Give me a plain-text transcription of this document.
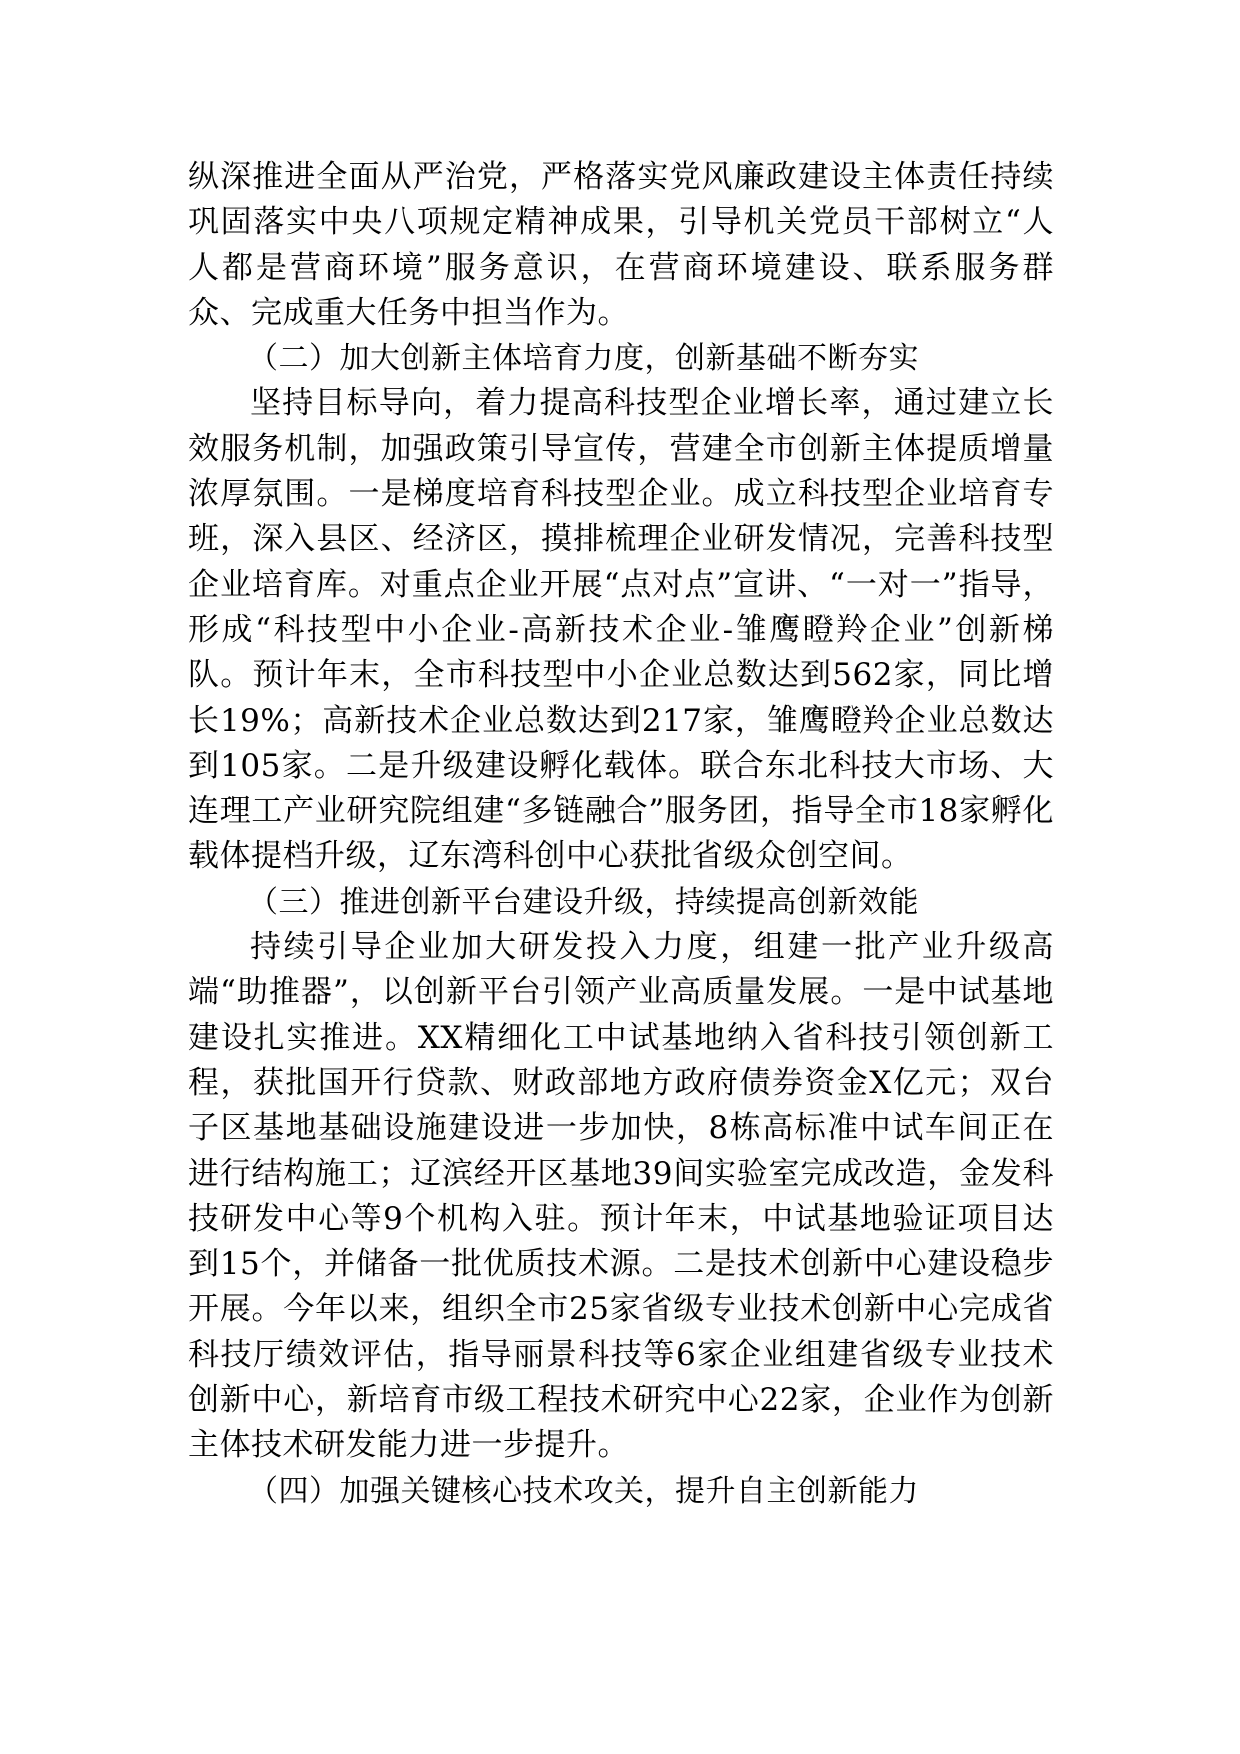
纵深推进全面从严治党，严格落实党风廉政建设主体责任持续巩固落实中央八项规定精神成果，引导机关党员干部树立“人人都是营商环境”服务意识，在营商环境建设、联系服务群众、完成重大任务中担当作为。

（二）加大创新主体培育力度，创新基础不断夯实

坚持目标导向，着力提高科技型企业增长率，通过建立长效服务机制，加强政策引导宣传，营建全市创新主体提质增量浓厚氛围。一是梯度培育科技型企业。成立科技型企业培育专班，深入县区、经济区，摸排梳理企业研发情况，完善科技型企业培育库。对重点企业开展“点对点”宣讲、“一对一”指导，形成“科技型中小企业-高新技术企业-雏鹰瞪羚企业”创新梯队。预计年末，全市科技型中小企业总数达到562家，同比增长19%；高新技术企业总数达到217家，雏鹰瞪羚企业总数达到105家。二是升级建设孵化载体。联合东北科技大市场、大连理工产业研究院组建“多链融合”服务团，指导全市18家孵化载体提档升级，辽东湾科创中心获批省级众创空间。

（三）推进创新平台建设升级，持续提高创新效能

持续引导企业加大研发投入力度，组建一批产业升级高端“助推器”，以创新平台引领产业高质量发展。一是中试基地建设扎实推进。XX精细化工中试基地纳入省科技引领创新工程，获批国开行贷款、财政部地方政府债券资金X亿元；双台子区基地基础设施建设进一步加快，8栋高标准中试车间正在进行结构施工；辽滨经开区基地39间实验室完成改造，金发科技研发中心等9个机构入驻。预计年末，中试基地验证项目达到15个，并储备一批优质技术源。二是技术创新中心建设稳步开展。今年以来，组织全市25家省级专业技术创新中心完成省科技厅绩效评估，指导丽景科技等6家企业组建省级专业技术创新中心，新培育市级工程技术研究中心22家，企业作为创新主体技术研发能力进一步提升。

（四）加强关键核心技术攻关，提升自主创新能力
